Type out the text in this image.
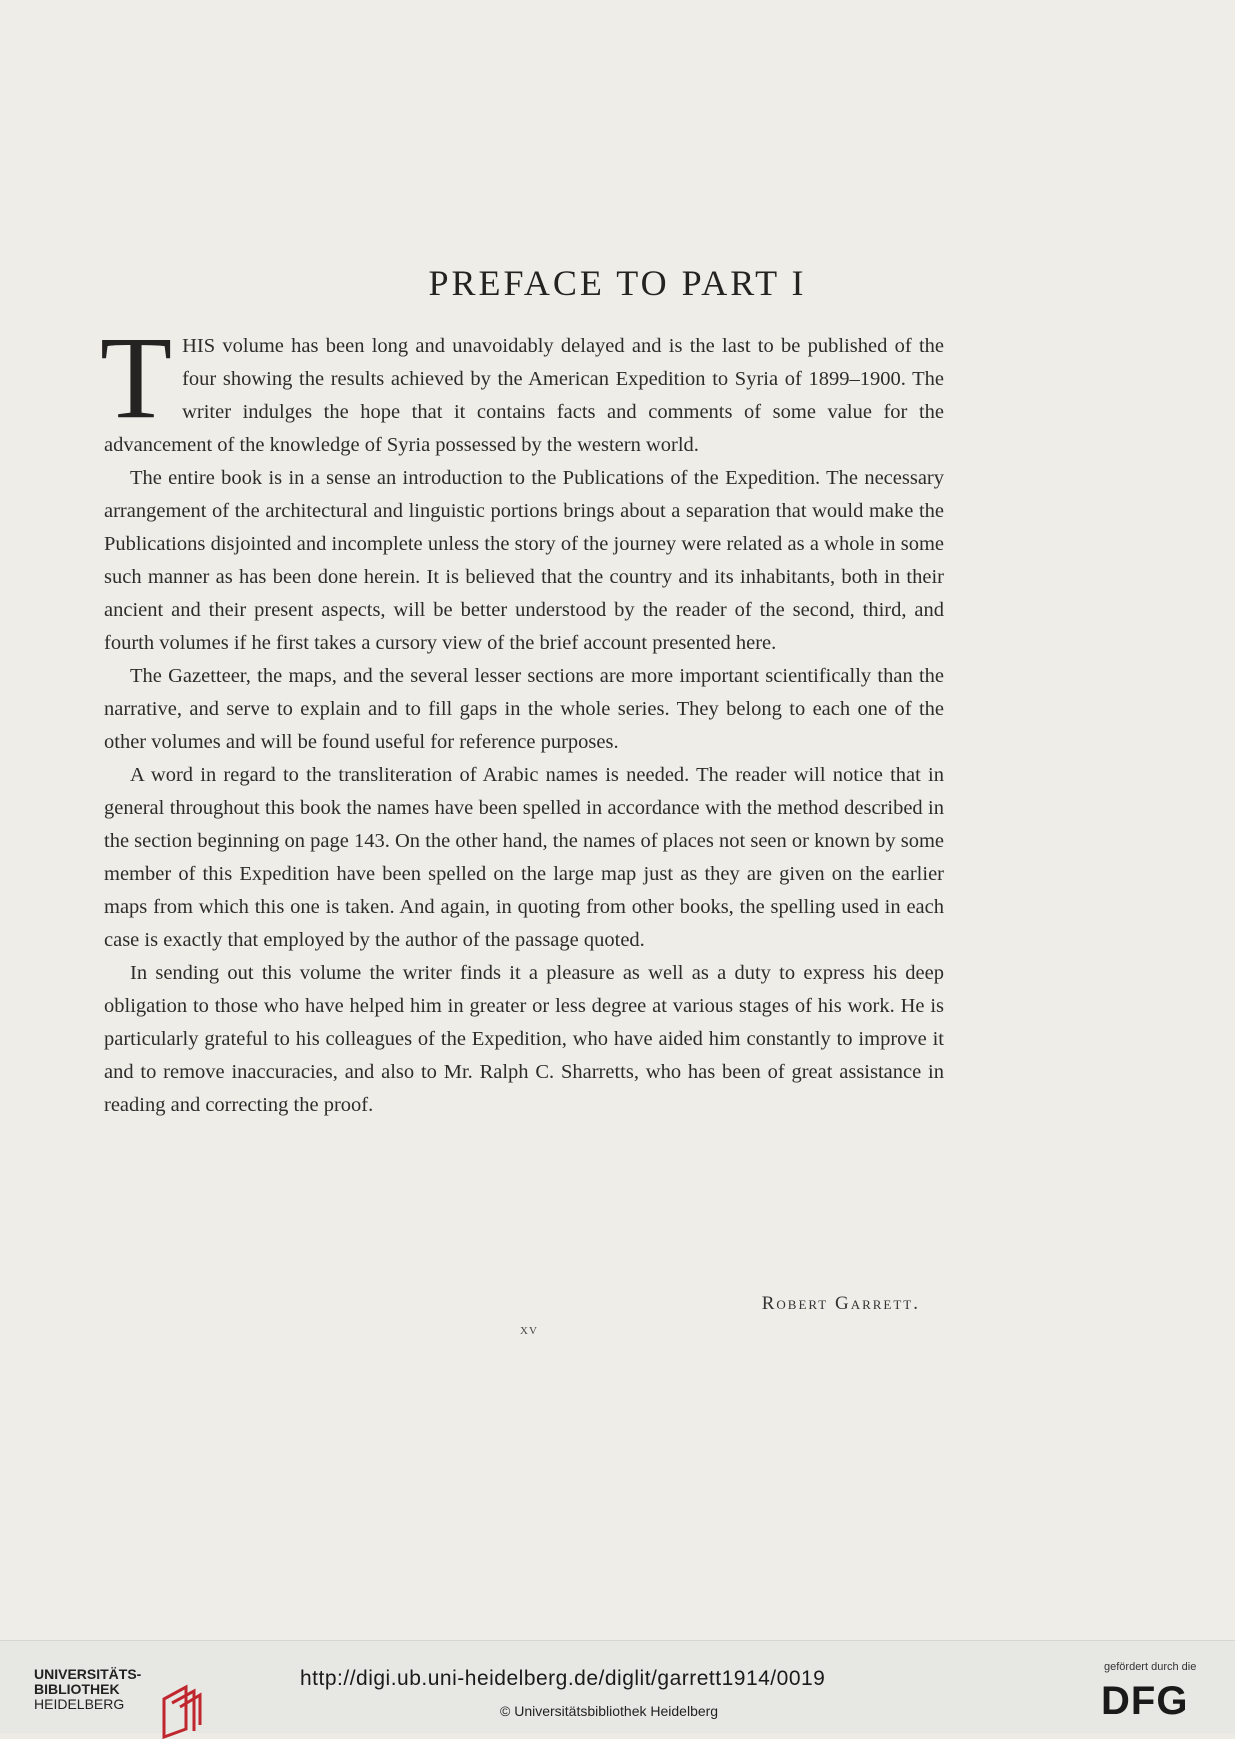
PREFACE TO PART I

THIS volume has been long and unavoidably delayed and is the last to be published of the four showing the results achieved by the American Expedition to Syria of 1899–1900. The writer indulges the hope that it contains facts and comments of some value for the advancement of the knowledge of Syria possessed by the western world.

The entire book is in a sense an introduction to the Publications of the Expedition. The necessary arrangement of the architectural and linguistic portions brings about a separation that would make the Publications disjointed and incomplete unless the story of the journey were related as a whole in some such manner as has been done herein. It is believed that the country and its inhabitants, both in their ancient and their present aspects, will be better understood by the reader of the second, third, and fourth volumes if he first takes a cursory view of the brief account presented here.

The Gazetteer, the maps, and the several lesser sections are more important scientifically than the narrative, and serve to explain and to fill gaps in the whole series. They belong to each one of the other volumes and will be found useful for reference purposes.

A word in regard to the transliteration of Arabic names is needed. The reader will notice that in general throughout this book the names have been spelled in accordance with the method described in the section beginning on page 143. On the other hand, the names of places not seen or known by some member of this Expedition have been spelled on the large map just as they are given on the earlier maps from which this one is taken. And again, in quoting from other books, the spelling used in each case is exactly that employed by the author of the passage quoted.

In sending out this volume the writer finds it a pleasure as well as a duty to express his deep obligation to those who have helped him in greater or less degree at various stages of his work. He is particularly grateful to his colleagues of the Expedition, who have aided him constantly to improve it and to remove inaccuracies, and also to Mr. Ralph C. Sharretts, who has been of great assistance in reading and correcting the proof.

Robert Garrett.
xv
UNIVERSITÄTS-
BIBLIOTHEK
HEIDELBERG
http://digi.ub.uni-heidelberg.de/diglit/garrett1914/0019
© Universitätsbibliothek Heidelberg
gefördert durch die
DFG
